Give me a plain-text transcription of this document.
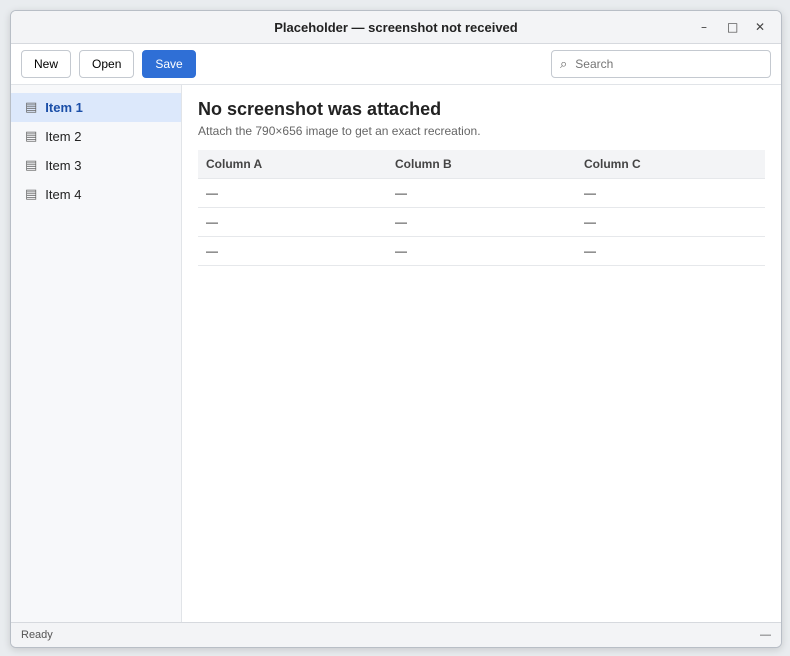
Placeholder — screenshot not received	–	□	✕
New	Open	Save	⌕
Search
▤ Item 1
▤ Item 2
▤ Item 3
▤ Item 4
No screenshot was attached

Attach the 790×656 image to get an exact recreation.

Column A	Column B	Column C
—	—	—
—	—	—
—	—	—
Ready	—
